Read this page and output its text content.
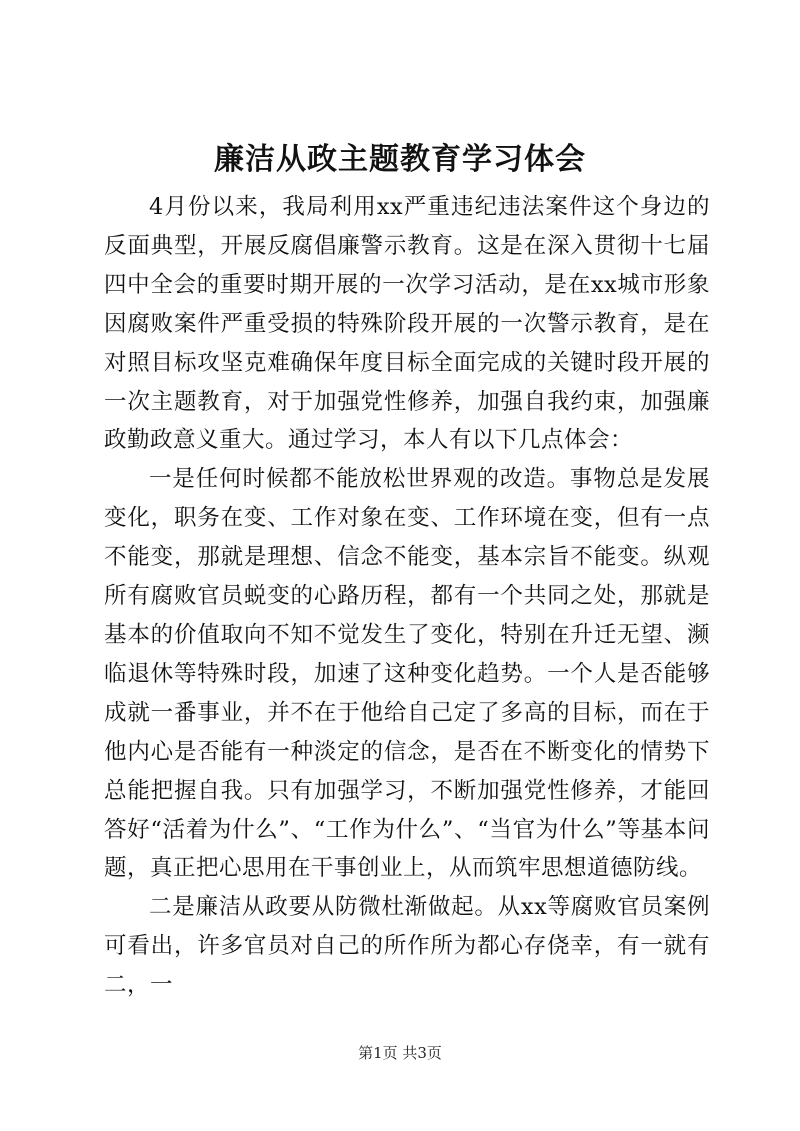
廉洁从政主题教育学习体会

4月份以来，我局利用xx严重违纪违法案件这个身边的反面典型，开展反腐倡廉警示教育。这是在深入贯彻十七届四中全会的重要时期开展的一次学习活动，是在xx城市形象因腐败案件严重受损的特殊阶段开展的一次警示教育，是在对照目标攻坚克难确保年度目标全面完成的关键时段开展的一次主题教育，对于加强党性修养，加强自我约束，加强廉政勤政意义重大。通过学习，本人有以下几点体会：

一是任何时候都不能放松世界观的改造。事物总是发展变化，职务在变、工作对象在变、工作环境在变，但有一点不能变，那就是理想、信念不能变，基本宗旨不能变。纵观所有腐败官员蜕变的心路历程，都有一个共同之处，那就是基本的价值取向不知不觉发生了变化，特别在升迁无望、濒临退休等特殊时段，加速了这种变化趋势。一个人是否能够成就一番事业，并不在于他给自己定了多高的目标，而在于他内心是否能有一种淡定的信念，是否在不断变化的情势下总能把握自我。只有加强学习，不断加强党性修养，才能回答好“活着为什么”、“工作为什么”、“当官为什么”等基本问题，真正把心思用在干事创业上，从而筑牢思想道德防线。

二是廉洁从政要从防微杜渐做起。从xx等腐败官员案例可看出，许多官员对自己的所作所为都心存侥幸，有一就有二，一

第1页 共3页
